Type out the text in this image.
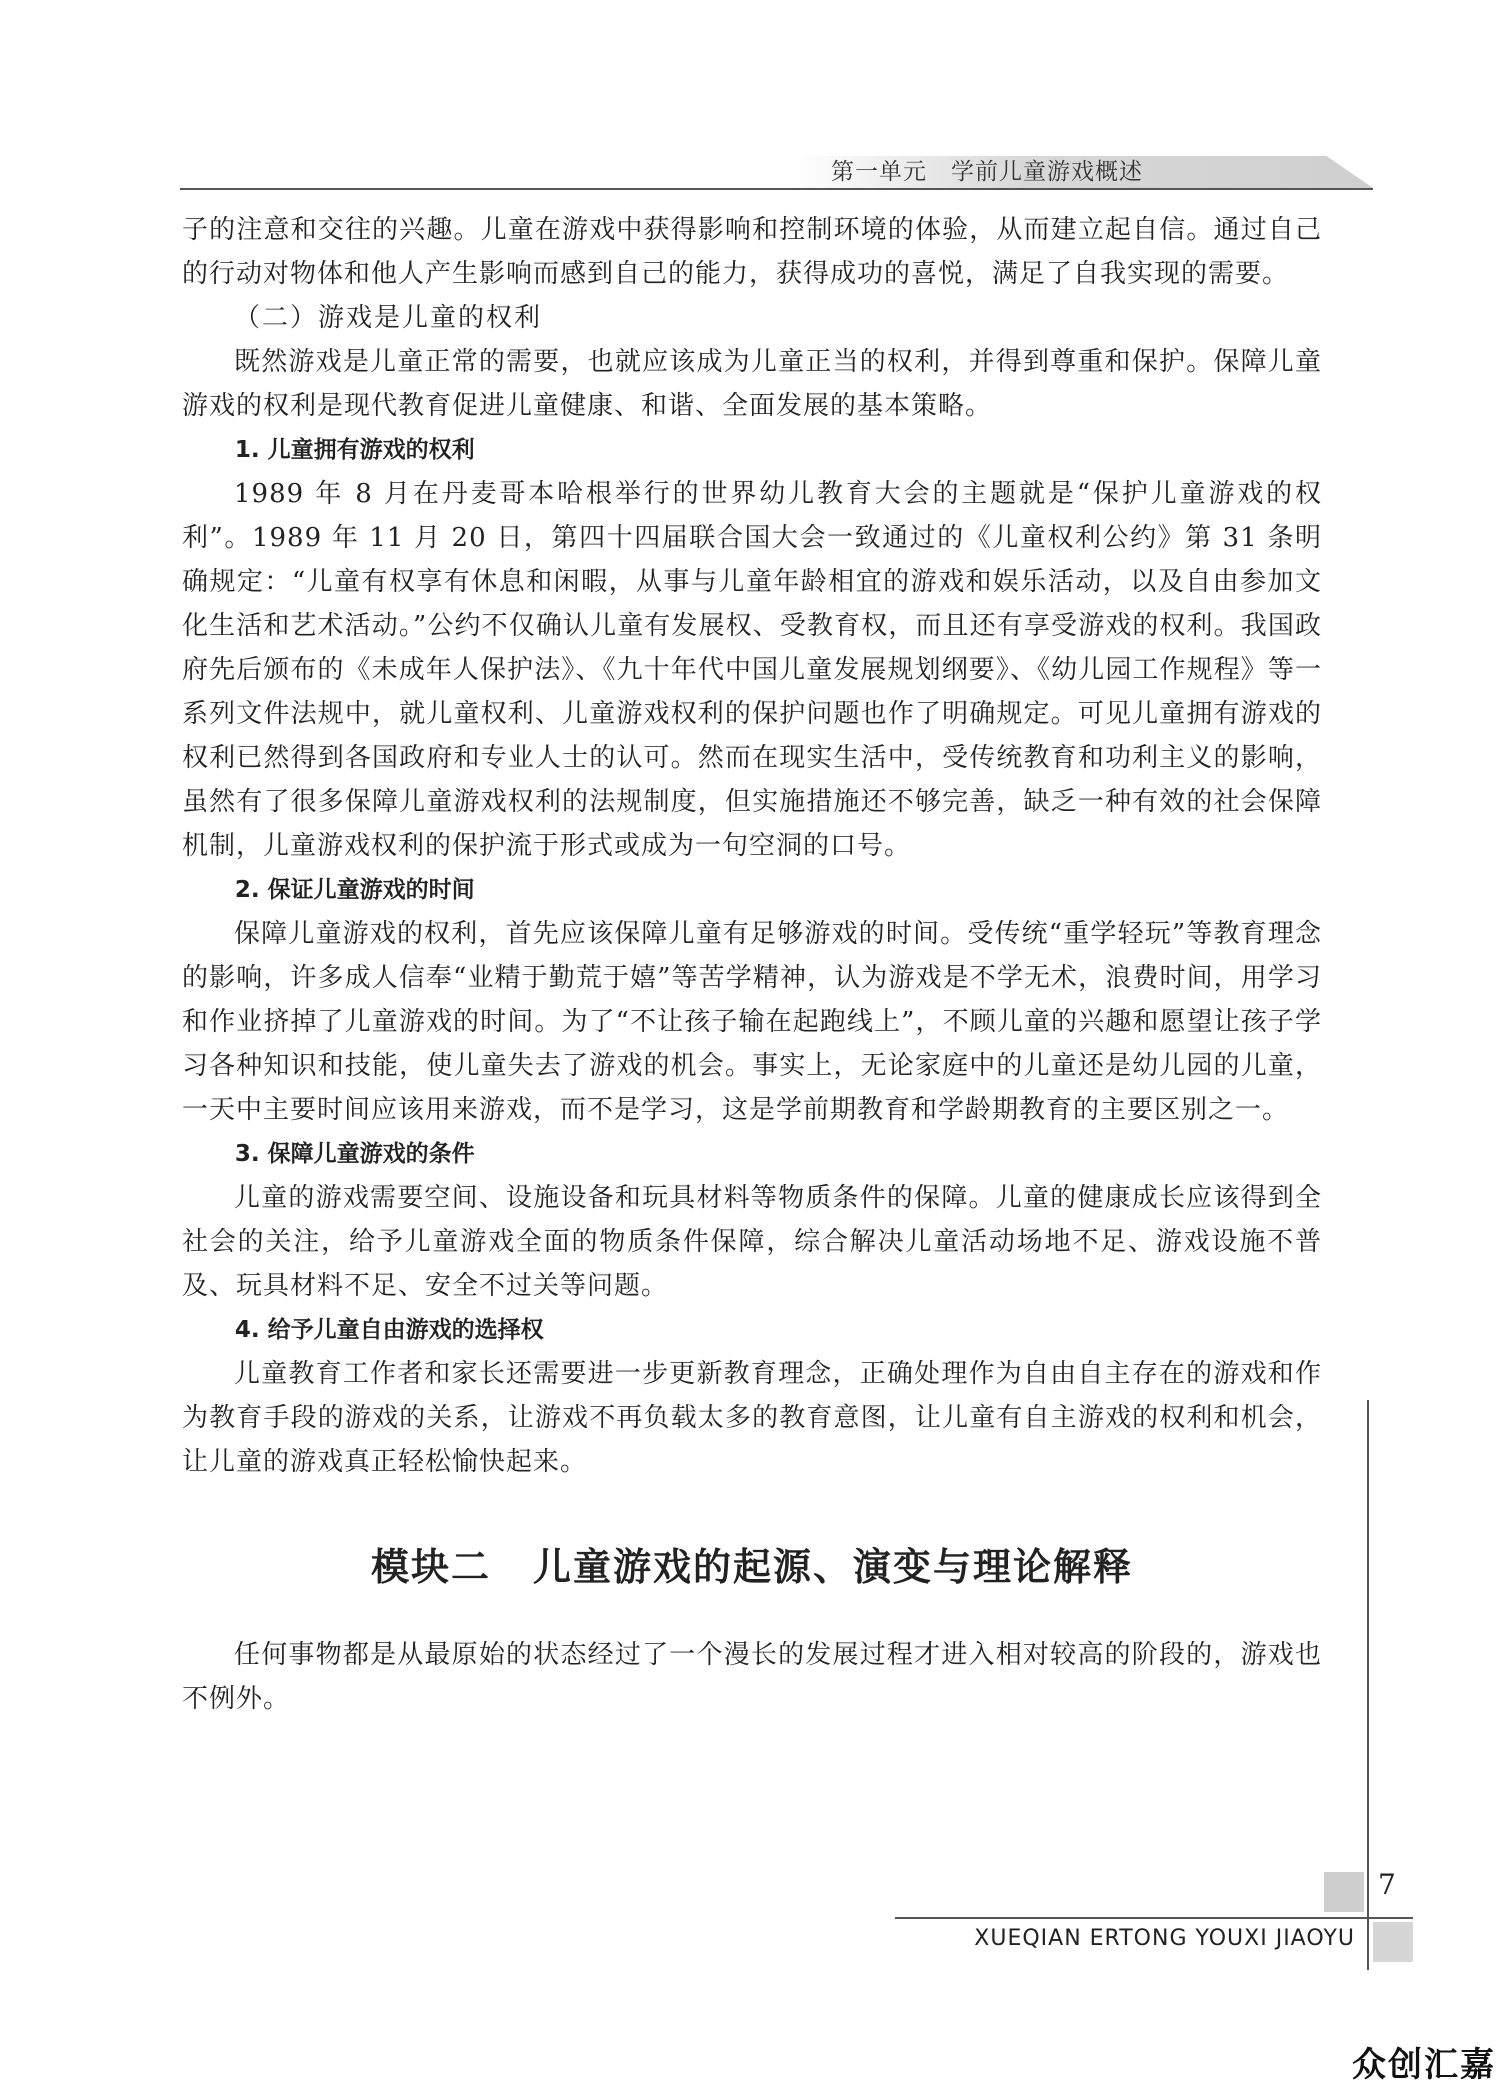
第一单元　学前儿童游戏概述

子的注意和交往的兴趣。儿童在游戏中获得影响和控制环境的体验，从而建立起自信。通过自己的行动对物体和他人产生影响而感到自己的能力，获得成功的喜悦，满足了自我实现的需要。

（二）游戏是儿童的权利

既然游戏是儿童正常的需要，也就应该成为儿童正当的权利，并得到尊重和保护。保障儿童游戏的权利是现代教育促进儿童健康、和谐、全面发展的基本策略。

1. 儿童拥有游戏的权利

1989 年 8 月在丹麦哥本哈根举行的世界幼儿教育大会的主题就是“保护儿童游戏的权利”。1989 年 11 月 20 日，第四十四届联合国大会一致通过的《儿童权利公约》第 31 条明确规定：“儿童有权享有休息和闲暇，从事与儿童年龄相宜的游戏和娱乐活动，以及自由参加文化生活和艺术活动。”公约不仅确认儿童有发展权、受教育权，而且还有享受游戏的权利。我国政府先后颁布的《未成年人保护法》、《九十年代中国儿童发展规划纲要》、《幼儿园工作规程》等一系列文件法规中，就儿童权利、儿童游戏权利的保护问题也作了明确规定。可见儿童拥有游戏的权利已然得到各国政府和专业人士的认可。然而在现实生活中，受传统教育和功利主义的影响，虽然有了很多保障儿童游戏权利的法规制度，但实施措施还不够完善，缺乏一种有效的社会保障机制，儿童游戏权利的保护流于形式或成为一句空洞的口号。

2. 保证儿童游戏的时间

保障儿童游戏的权利，首先应该保障儿童有足够游戏的时间。受传统“重学轻玩”等教育理念的影响，许多成人信奉“业精于勤荒于嬉”等苦学精神，认为游戏是不学无术，浪费时间，用学习和作业挤掉了儿童游戏的时间。为了“不让孩子输在起跑线上”，不顾儿童的兴趣和愿望让孩子学习各种知识和技能，使儿童失去了游戏的机会。事实上，无论家庭中的儿童还是幼儿园的儿童，一天中主要时间应该用来游戏，而不是学习，这是学前期教育和学龄期教育的主要区别之一。

3. 保障儿童游戏的条件

儿童的游戏需要空间、设施设备和玩具材料等物质条件的保障。儿童的健康成长应该得到全社会的关注，给予儿童游戏全面的物质条件保障，综合解决儿童活动场地不足、游戏设施不普及、玩具材料不足、安全不过关等问题。

4. 给予儿童自由游戏的选择权

儿童教育工作者和家长还需要进一步更新教育理念，正确处理作为自由自主存在的游戏和作为教育手段的游戏的关系，让游戏不再负载太多的教育意图，让儿童有自主游戏的权利和机会，让儿童的游戏真正轻松愉快起来。

模块二 儿童游戏的起源、演变与理论解释

任何事物都是从最原始的状态经过了一个漫长的发展过程才进入相对较高的阶段的，游戏也不例外。

7
XUEQIAN ERTONG YOUXI JIAOYU
众创汇嘉
